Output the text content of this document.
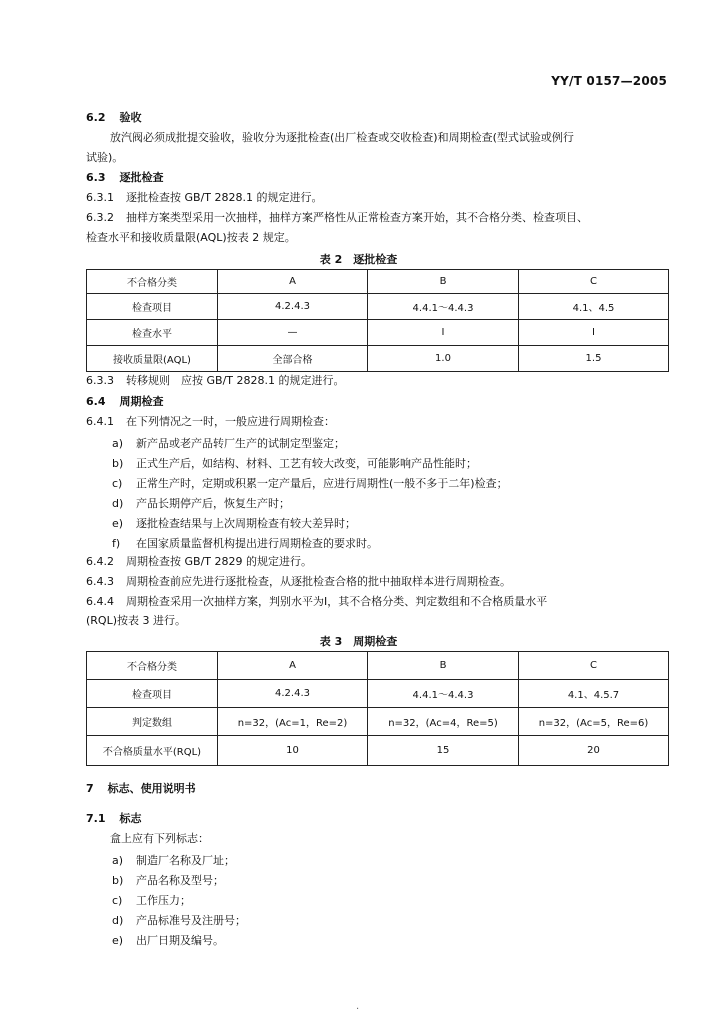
YY/T 0157—2005
6.2 验收
放汽阀必须成批提交验收，验收分为逐批检查(出厂检查或交收检查)和周期检查(型式试验或例行
试验)。
6.3 逐批检查
6.3.1 逐批检查按 GB/T 2828.1 的规定进行。
6.3.2 抽样方案类型采用一次抽样，抽样方案严格性从正常检查方案开始，其不合格分类、检查项目、
检查水平和接收质量限(AQL)按表 2 规定。
表 2　逐批检查
不合格分类	A	B	C
检查项目	4.2.4.3	4.4.1～4.4.3	4.1、4.5
检查水平	—	Ⅰ	Ⅰ
接收质量限(AQL)	全部合格	1.0	1.5
6.3.3 转移规则　应按 GB/T 2828.1 的规定进行。
6.4 周期检查
6.4.1 在下列情况之一时，一般应进行周期检查：
a) 新产品或老产品转厂生产的试制定型鉴定；
b) 正式生产后，如结构、材料、工艺有较大改变，可能影响产品性能时；
c) 正常生产时，定期或积累一定产量后，应进行周期性(一般不多于二年)检查；
d) 产品长期停产后，恢复生产时；
e) 逐批检查结果与上次周期检查有较大差异时；
f) 在国家质量监督机构提出进行周期检查的要求时。
6.4.2 周期检查按 GB/T 2829 的规定进行。
6.4.3 周期检查前应先进行逐批检查，从逐批检查合格的批中抽取样本进行周期检查。
6.4.4 周期检查采用一次抽样方案，判别水平为Ⅰ，其不合格分类、判定数组和不合格质量水平
(RQL)按表 3 进行。
表 3　周期检查
不合格分类	A	B	C
检查项目	4.2.4.3	4.4.1～4.4.3	4.1、4.5.7
判定数组	n=32，(Ac=1，Re=2)	n=32，(Ac=4，Re=5)	n=32，(Ac=5，Re=6)
不合格质量水平(RQL)	10	15	20
7 标志、使用说明书
7.1 标志
盒上应有下列标志：
a) 制造厂名称及厂址；
b) 产品名称及型号；
c) 工作压力；
d) 产品标准号及注册号；
e) 出厂日期及编号。
·
